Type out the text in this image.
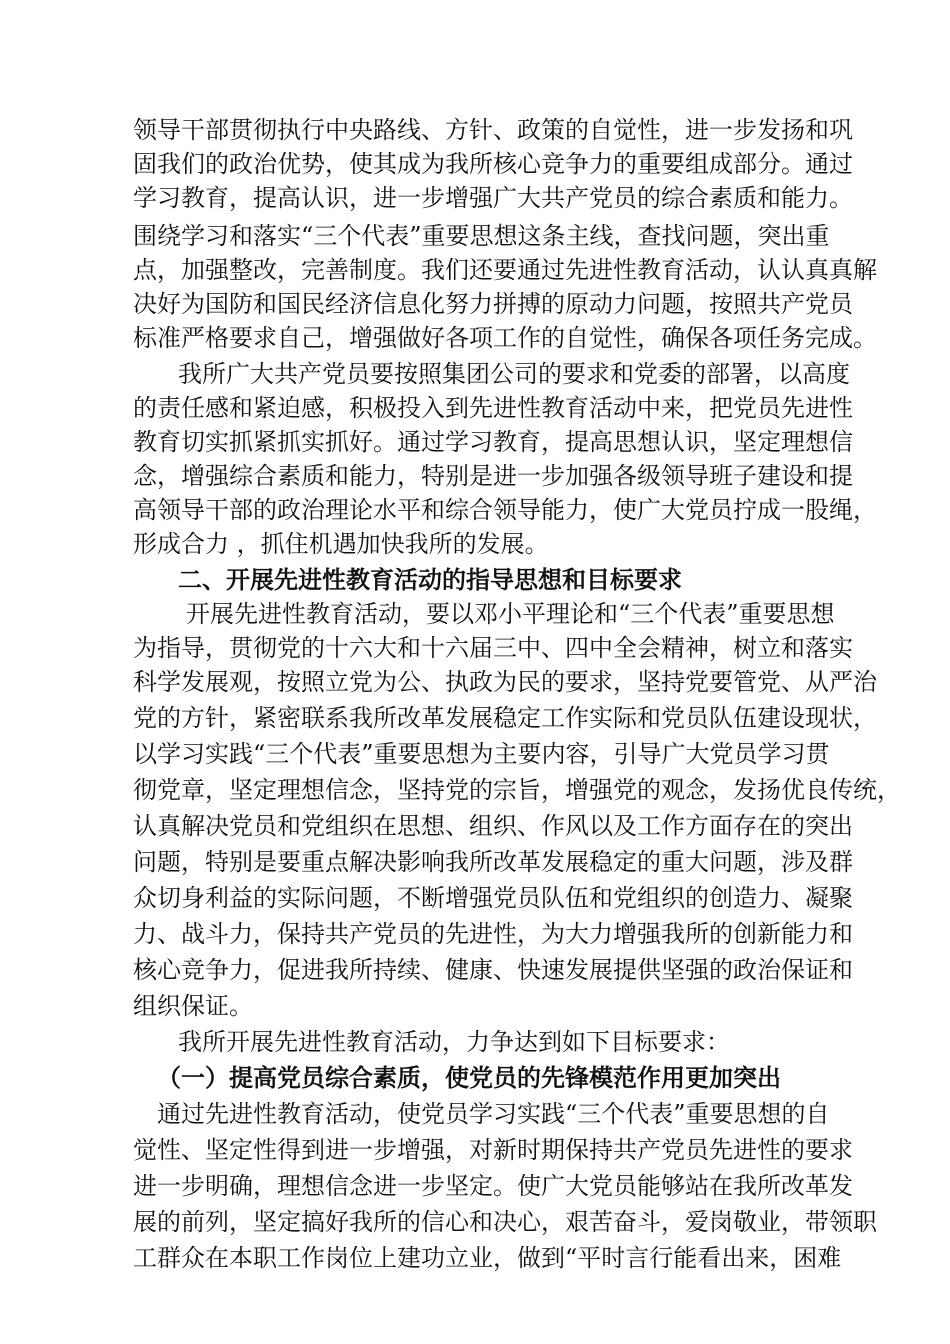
领导干部贯彻执行中央路线、方针、政策的自觉性，进一步发扬和巩
固我们的政治优势，使其成为我所核心竞争力的重要组成部分。通过
学习教育，提高认识，进一步增强广大共产党员的综合素质和能力。
围绕学习和落实“三个代表”重要思想这条主线，查找问题，突出重
点，加强整改，完善制度。我们还要通过先进性教育活动，认认真真解
决好为国防和国民经济信息化努力拼搏的原动力问题，按照共产党员
标准严格要求自己，增强做好各项工作的自觉性，确保各项任务完成。
我所广大共产党员要按照集团公司的要求和党委的部署，以高度
的责任感和紧迫感，积极投入到先进性教育活动中来，把党员先进性
教育切实抓紧抓实抓好。通过学习教育，提高思想认识，坚定理想信
念，增强综合素质和能力，特别是进一步加强各级领导班子建设和提
高领导干部的政治理论水平和综合领导能力，使广大党员拧成一股绳，
形成合力 ，抓住机遇加快我所的发展。
二、开展先进性教育活动的指导思想和目标要求
开展先进性教育活动，要以邓小平理论和“三个代表”重要思想
为指导，贯彻党的十六大和十六届三中、四中全会精神，树立和落实
科学发展观，按照立党为公、执政为民的要求，坚持党要管党、从严治
党的方针，紧密联系我所改革发展稳定工作实际和党员队伍建设现状，
以学习实践“三个代表”重要思想为主要内容，引导广大党员学习贯
彻党章，坚定理想信念，坚持党的宗旨，增强党的观念，发扬优良传统，
认真解决党员和党组织在思想、组织、作风以及工作方面存在的突出
问题，特别是要重点解决影响我所改革发展稳定的重大问题，涉及群
众切身利益的实际问题，不断增强党员队伍和党组织的创造力、凝聚
力、战斗力，保持共产党员的先进性，为大力增强我所的创新能力和
核心竞争力，促进我所持续、健康、快速发展提供坚强的政治保证和
组织保证。
我所开展先进性教育活动，力争达到如下目标要求：
（一）提高党员综合素质，使党员的先锋模范作用更加突出
通过先进性教育活动，使党员学习实践“三个代表”重要思想的自
觉性、坚定性得到进一步增强，对新时期保持共产党员先进性的要求
进一步明确，理想信念进一步坚定。使广大党员能够站在我所改革发
展的前列，坚定搞好我所的信心和决心，艰苦奋斗，爱岗敬业，带领职
工群众在本职工作岗位上建功立业，做到“平时言行能看出来，困难
